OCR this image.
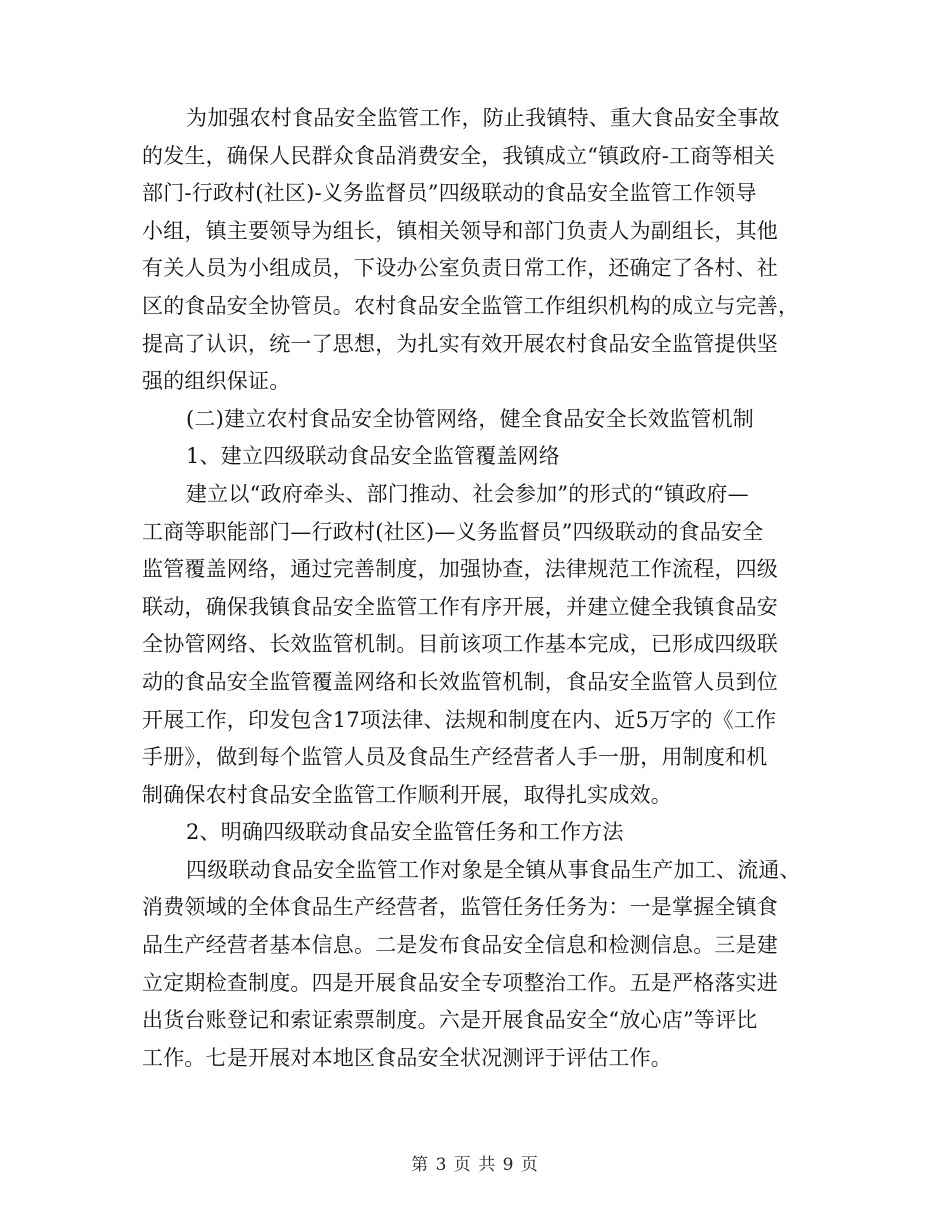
为加强农村食品安全监管工作，防止我镇特、重大食品安全事故
的发生，确保人民群众食品消费安全，我镇成立“镇政府-工商等相关
部门-行政村(社区)-义务监督员”四级联动的食品安全监管工作领导
小组，镇主要领导为组长，镇相关领导和部门负责人为副组长，其他
有关人员为小组成员，下设办公室负责日常工作，还确定了各村、社
区的食品安全协管员。农村食品安全监管工作组织机构的成立与完善，
提高了认识，统一了思想，为扎实有效开展农村食品安全监管提供坚
强的组织保证。
(二)建立农村食品安全协管网络，健全食品安全长效监管机制
1、建立四级联动食品安全监管覆盖网络
建立以“政府牵头、部门推动、社会参加”的形式的“镇政府—
工商等职能部门—行政村(社区)—义务监督员”四级联动的食品安全
监管覆盖网络，通过完善制度，加强协查，法律规范工作流程，四级
联动，确保我镇食品安全监管工作有序开展，并建立健全我镇食品安
全协管网络、长效监管机制。目前该项工作基本完成，已形成四级联
动的食品安全监管覆盖网络和长效监管机制，食品安全监管人员到位
开展工作，印发包含17项法律、法规和制度在内、近5万字的《工作
手册》，做到每个监管人员及食品生产经营者人手一册，用制度和机
制确保农村食品安全监管工作顺利开展，取得扎实成效。
2、明确四级联动食品安全监管任务和工作方法
四级联动食品安全监管工作对象是全镇从事食品生产加工、流通、
消费领域的全体食品生产经营者，监管任务任务为：一是掌握全镇食
品生产经营者基本信息。二是发布食品安全信息和检测信息。三是建
立定期检查制度。四是开展食品安全专项整治工作。五是严格落实进
出货台账登记和索证索票制度。六是开展食品安全“放心店”等评比
工作。七是开展对本地区食品安全状况测评于评估工作。
第 3 页 共 9 页
